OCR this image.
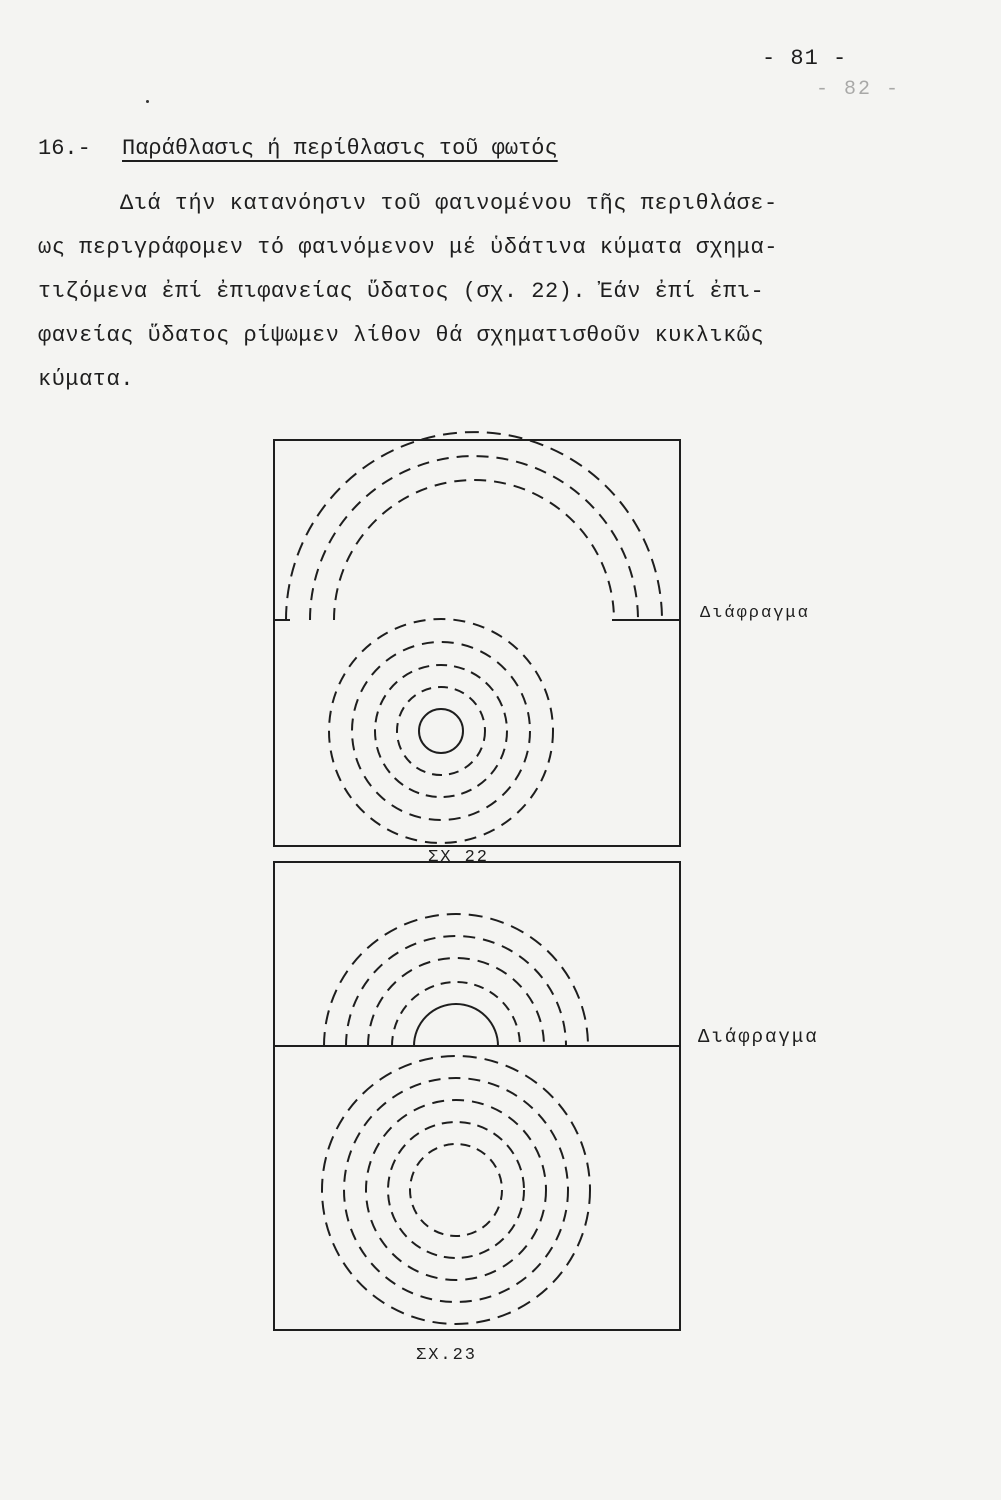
- 81 -
16.- Παράθλασις ή περίθλασις τοῦ φωτός
Διά τήν κατανόησιν τοῦ φαινομένου τῆς περιθλάσε-
ως περιγράφομεν τό φαινόμενον μέ ὑδάτινα κύματα σχημα-
τιζόμενα ἐπί ἐπιφανείας ὕδατος (σχ. 22). Ἐάν ἐπί ἐπι-
φανείας ὕδατος ρίψωμεν λίθον θά σχηματισθοῦν κυκλικῶς
κύματα.
Διάφραγμα
ΣΧ 22
Διάφραγμα
ΣΧ.23
- 82 -
